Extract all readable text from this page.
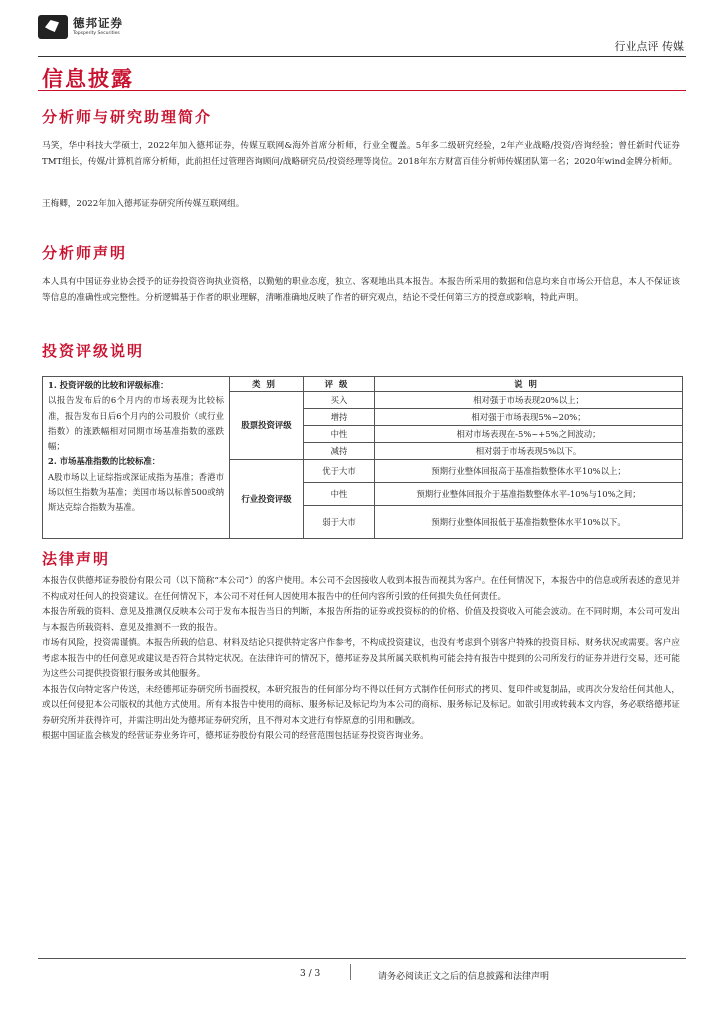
德邦证券
Topsperity Securities
行业点评 传媒
信息披露
分析师与研究助理简介
马笑，华中科技大学硕士，2022年加入德邦证券，传媒互联网&海外首席分析师，行业全覆盖。5年多二级研究经验，2年产业战略/投资/咨询经验；曾任新时代证券TMT组长，传媒/计算机首席分析师，此前担任过管理咨询顾问/战略研究员/投资经理等岗位。2018年东方财富百佳分析师传媒团队第一名；2020年wind金牌分析师。
王梅卿，2022年加入德邦证券研究所传媒互联网组。
分析师声明
本人具有中国证券业协会授予的证券投资咨询执业资格，以勤勉的职业态度，独立、客观地出具本报告。本报告所采用的数据和信息均来自市场公开信息，本人不保证该等信息的准确性或完整性。分析逻辑基于作者的职业理解，清晰准确地反映了作者的研究观点，结论不受任何第三方的授意或影响，特此声明。
投资评级说明
1. 投资评级的比较和评级标准：
以报告发布后的6个月内的市场表现为比较标准，报告发布日后6个月内的公司股价（或行业指数）的涨跌幅相对同期市场基准指数的涨跌幅；
2. 市场基准指数的比较标准：
A股市场以上证综指或深证成指为基准；香港市场以恒生指数为基准；美国市场以标普500或纳斯达克综合指数为基准。	类别	评级	说明
	股票投资评级	买入	相对强于市场表现20%以上；
		增持	相对强于市场表现5%~20%；
		中性	相对市场表现在-5%~+5%之间波动；
		减持	相对弱于市场表现5%以下。
	行业投资评级	优于大市	预期行业整体回报高于基准指数整体水平10%以上；
		中性	预期行业整体回报介于基准指数整体水平-10%与10%之间；
		弱于大市	预期行业整体回报低于基准指数整体水平10%以下。
法律声明
本报告仅供德邦证券股份有限公司（以下简称“本公司”）的客户使用。本公司不会因接收人收到本报告而视其为客户。在任何情况下，本报告中的信息或所表述的意见并不构成对任何人的投资建议。在任何情况下，本公司不对任何人因使用本报告中的任何内容所引致的任何损失负任何责任。
本报告所载的资料、意见及推测仅反映本公司于发布本报告当日的判断，本报告所指的证券或投资标的的价格、价值及投资收入可能会波动。在不同时期，本公司可发出与本报告所载资料、意见及推测不一致的报告。
市场有风险，投资需谨慎。本报告所载的信息、材料及结论只提供特定客户作参考，不构成投资建议，也没有考虑到个别客户特殊的投资目标、财务状况或需要。客户应考虑本报告中的任何意见或建议是否符合其特定状况。在法律许可的情况下，德邦证券及其所属关联机构可能会持有报告中提到的公司所发行的证券并进行交易，还可能为这些公司提供投资银行服务或其他服务。
本报告仅向特定客户传送，未经德邦证券研究所书面授权，本研究报告的任何部分均不得以任何方式制作任何形式的拷贝、复印件或复制品，或再次分发给任何其他人，或以任何侵犯本公司版权的其他方式使用。所有本报告中使用的商标、服务标记及标记均为本公司的商标、服务标记及标记。如欲引用或转载本文内容，务必联络德邦证券研究所并获得许可，并需注明出处为德邦证券研究所，且不得对本文进行有悖原意的引用和删改。
根据中国证监会核发的经营证券业务许可，德邦证券股份有限公司的经营范围包括证券投资咨询业务。
3 / 3	请务必阅读正文之后的信息披露和法律声明
